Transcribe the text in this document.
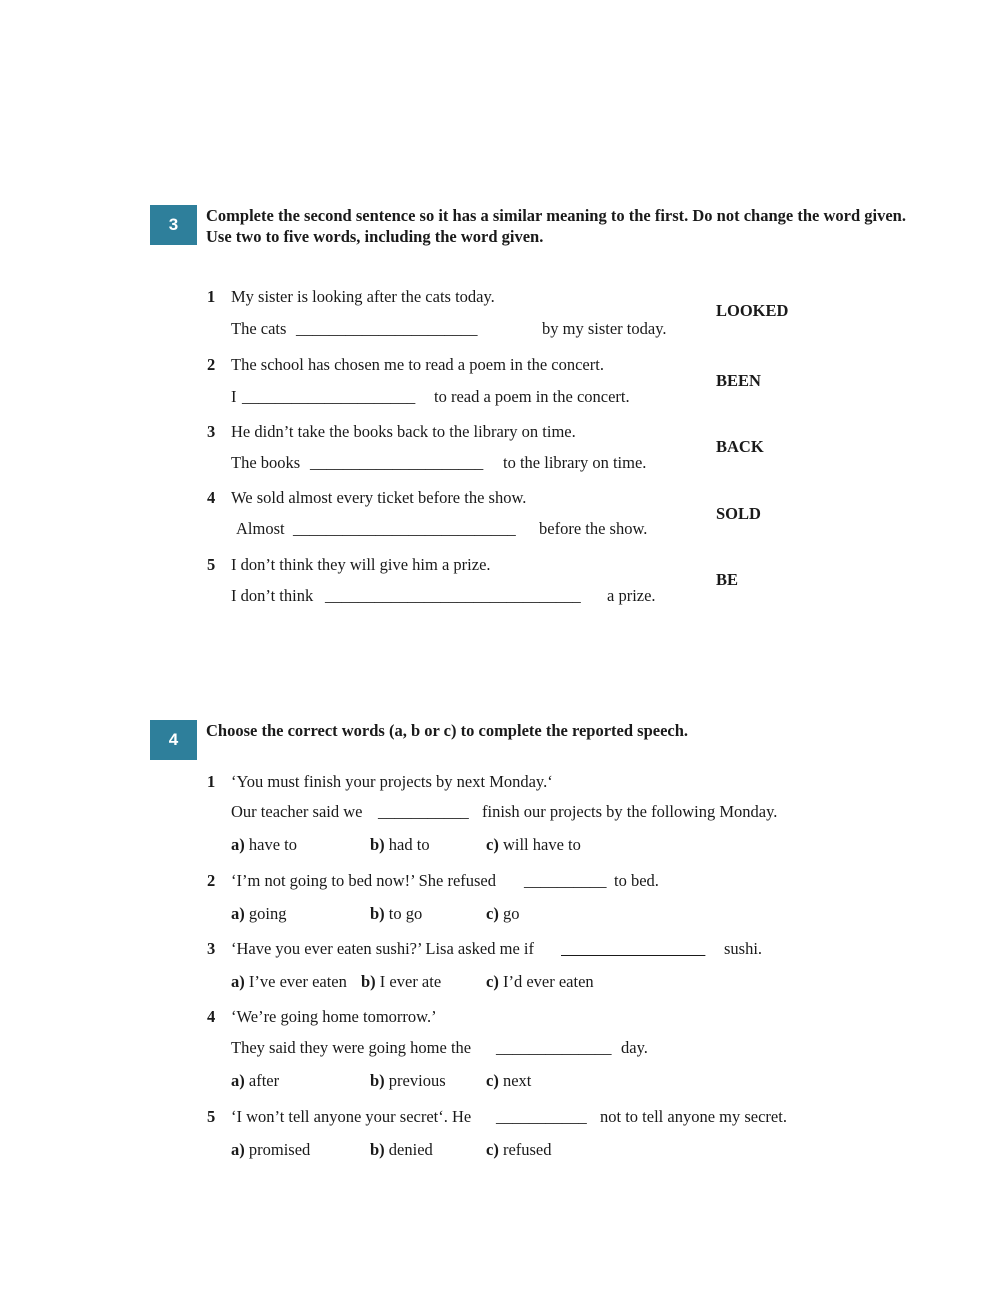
3	Complete the second sentence so it has a similar meaning to the first. Do not change the word given.
Use two to five words, including the word given.
1 My sister is looking after the cats today.
The cats ______________________	by my sister today.
LOOKED
2 The school has chosen me to read a poem in the concert.
I _____________________ to read a poem in the concert.
BEEN
3 He didn’t take the books back to the library on time.
The books _____________________ to the library on time.
BACK
4 We sold almost every ticket before the show.
Almost ___________________________ before the show.
SOLD
5 I don’t think they will give him a prize.
I don’t think _______________________________ a prize.
BE
4	Choose the correct words (a, b or c) to complete the reported speech.
1 ‘You must finish your projects by next Monday.‘
Our teacher said we ___________ finish our projects by the following Monday.
a) have to	b) had to	c) will have to
2 ‘I’m not going to bed now!’ She refused __________ to bed.
a) going	b) to go	c) go
3 ‘Have you ever eaten sushi?’ Lisa asked me if
	sushi.
a) I’ve ever eaten b) I ever ate	c) I’d ever eaten
4 ‘We’re going home tomorrow.’
They said they were going home the ______________ day.
a) after	b) previous c) next
5 ‘I won’t tell anyone your secret‘. He ___________ not to tell anyone my secret.
a) promised	b) denied	c) refused
